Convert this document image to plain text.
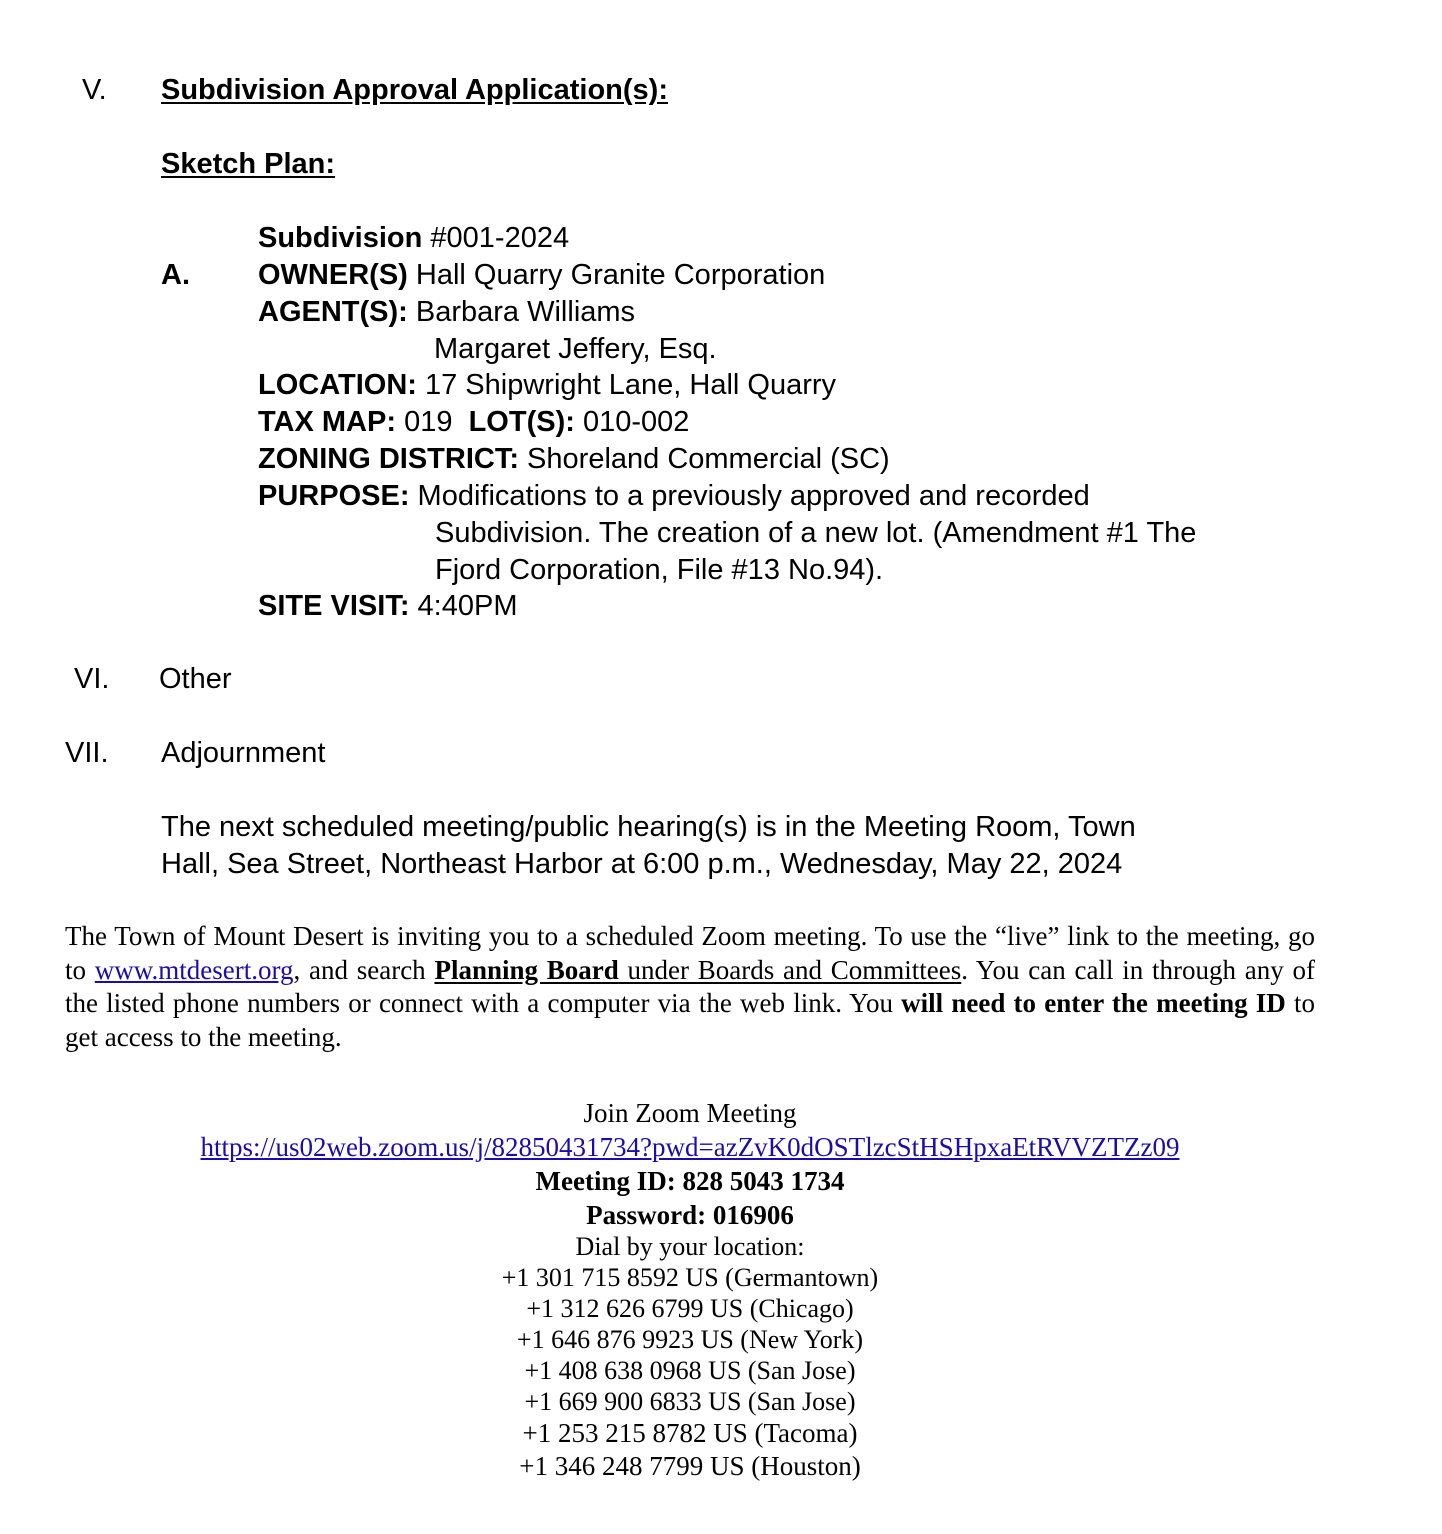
V. Subdivision Approval Application(s):
Sketch Plan:
Subdivision #001-2024
A. OWNER(S) Hall Quarry Granite Corporation
AGENT(S): Barbara Williams
Margaret Jeffery, Esq.
LOCATION: 17 Shipwright Lane, Hall Quarry
TAX MAP: 019  LOT(S): 010-002
ZONING DISTRICT: Shoreland Commercial (SC)
PURPOSE: Modifications to a previously approved and recorded
Subdivision. The creation of a new lot. (Amendment #1 The
Fjord Corporation, File #13 No.94).
SITE VISIT: 4:40PM
VI. Other
VII. Adjournment
The next scheduled meeting/public hearing(s) is in the Meeting Room, Town
Hall, Sea Street, Northeast Harbor at 6:00 p.m., Wednesday, May 22, 2024
The Town of Mount Desert is inviting you to a scheduled Zoom meeting. To use the “live” link to the meeting, go to www.mtdesert.org, and search Planning Board under Boards and Committees. You can call in through any of the listed phone numbers or connect with a computer via the web link. You will need to enter the meeting ID to get access to the meeting.
Join Zoom Meeting
https://us02web.zoom.us/j/82850431734?pwd=azZvK0dOSTlzcStHSHpxaEtRVVZTZz09
Meeting ID: 828 5043 1734
Password: 016906
Dial by your location:
+1 301 715 8592 US (Germantown)
+1 312 626 6799 US (Chicago)
+1 646 876 9923 US (New York)
+1 408 638 0968 US (San Jose)
+1 669 900 6833 US (San Jose)
+1 253 215 8782 US (Tacoma)
+1 346 248 7799 US (Houston)
